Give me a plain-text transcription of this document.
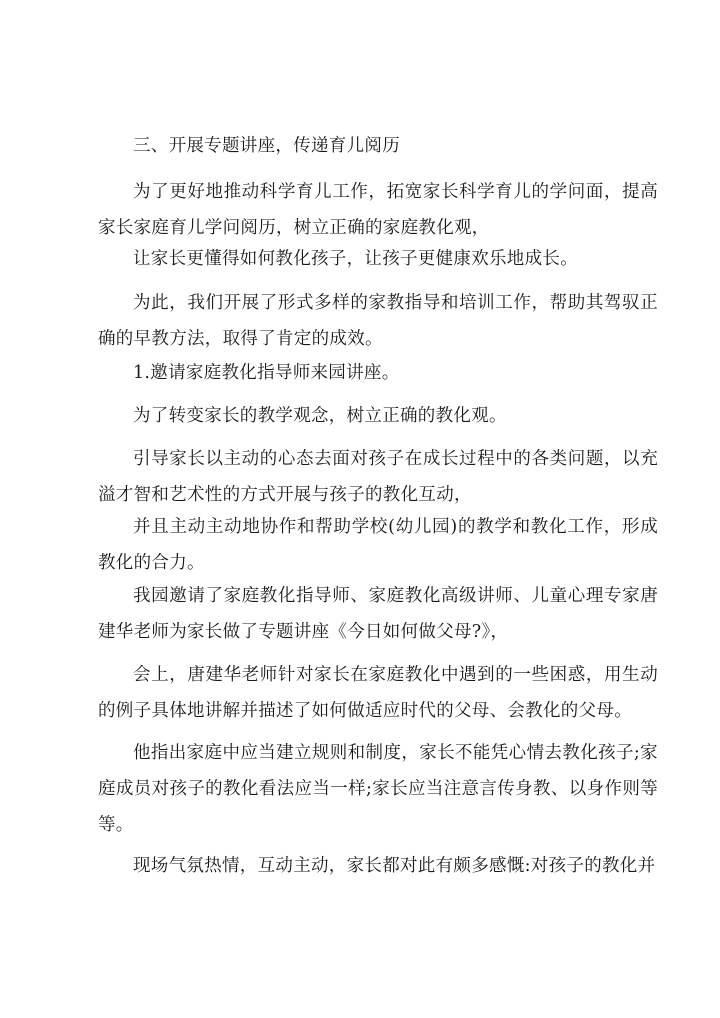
三、开展专题讲座，传递育儿阅历

为了更好地推动科学育儿工作，拓宽家长科学育儿的学问面，提高家长家庭育儿学问阅历，树立正确的家庭教化观，

让家长更懂得如何教化孩子，让孩子更健康欢乐地成长。

为此，我们开展了形式多样的家教指导和培训工作，帮助其驾驭正确的早教方法，取得了肯定的成效。

1.邀请家庭教化指导师来园讲座。

为了转变家长的教学观念，树立正确的教化观。

引导家长以主动的心态去面对孩子在成长过程中的各类问题，以充溢才智和艺术性的方式开展与孩子的教化互动，

并且主动主动地协作和帮助学校(幼儿园)的教学和教化工作，形成教化的合力。

我园邀请了家庭教化指导师、家庭教化高级讲师、儿童心理专家唐建华老师为家长做了专题讲座《今日如何做父母?》，

会上，唐建华老师针对家长在家庭教化中遇到的一些困惑，用生动的例子具体地讲解并描述了如何做适应时代的父母、会教化的父母。

他指出家庭中应当建立规则和制度，家长不能凭心情去教化孩子;家庭成员对孩子的教化看法应当一样;家长应当注意言传身教、以身作则等等。

现场气氛热情，互动主动，家长都对此有颇多感慨:对孩子的教化并
